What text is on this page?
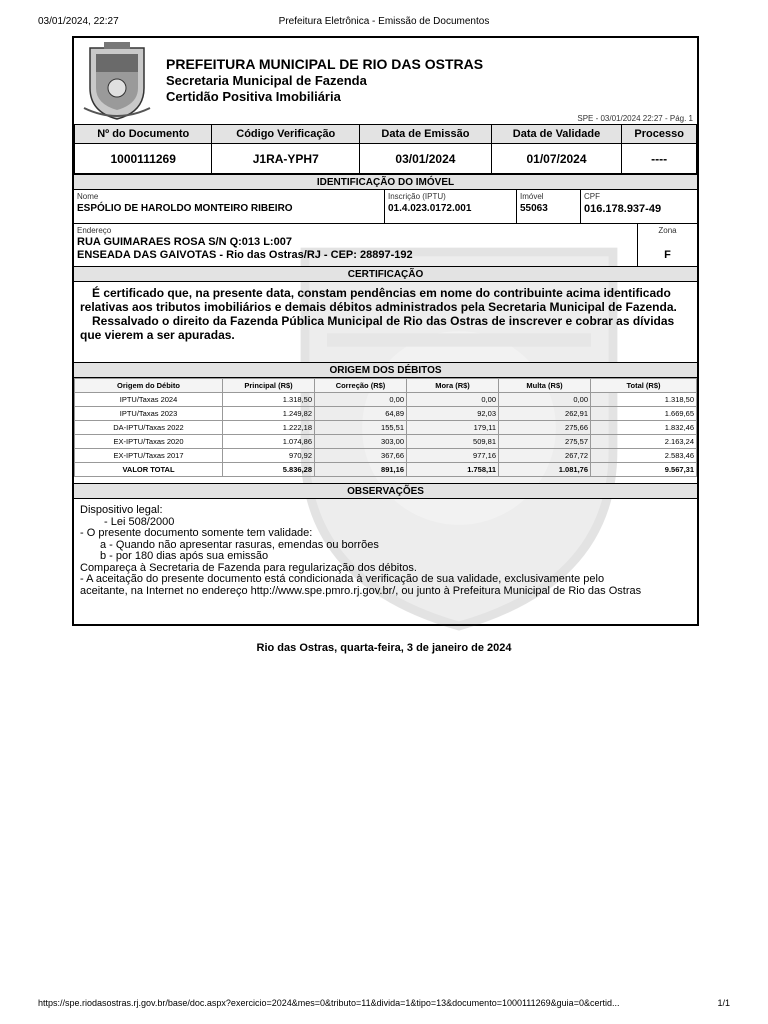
03/01/2024, 22:27	Prefeitura Eletrônica - Emissão de Documentos
PREFEITURA MUNICIPAL DE RIO DAS OSTRAS
Secretaria Municipal de Fazenda
Certidão Positiva Imobiliária
SPE - 03/01/2024 22:27 - Pág. 1
Nº do Documento	Código Verificação	Data de Emissão	Data de Validade	Processo
1000111269	J1RA-YPH7	03/01/2024	01/07/2024	----
IDENTIFICAÇÃO DO IMÓVEL
Nome
ESPÓLIO DE HAROLDO MONTEIRO RIBEIRO
Inscrição (IPTU)
01.4.023.0172.001
Imóvel
55063
CPF
016.178.937-49
Endereço
RUA GUIMARAES ROSA S/N Q:013 L:007
ENSEADA DAS GAIVOTAS - Rio das Ostras/RJ - CEP: 28897-192
Zona
F
CERTIFICAÇÃO

É certificado que, na presente data, constam pendências em nome do contribuinte acima identificado relativas aos tributos imobiliários e demais débitos administrados pela Secretaria Municipal de Fazenda.

Ressalvado o direito da Fazenda Pública Municipal de Rio das Ostras de inscrever e cobrar as dívidas que vierem a ser apuradas.

ORIGEM DOS DÉBITOS
Origem do Débito	Principal (R$)	Correção (R$)	Mora (R$)	Multa (R$)	Total (R$)
IPTU/Taxas 2024	1.318,50	0,00	0,00	0,00	1.318,50
IPTU/Taxas 2023	1.249,82	64,89	92,03	262,91	1.669,65
DA-IPTU/Taxas 2022	1.222,18	155,51	179,11	275,66	1.832,46
EX-IPTU/Taxas 2020	1.074,86	303,00	509,81	275,57	2.163,24
EX-IPTU/Taxas 2017	970,92	367,66	977,16	267,72	2.583,46
VALOR TOTAL	5.836,28	891,16	1.758,11	1.081,76	9.567,31
OBSERVAÇÕES
Dispositivo legal:
- Lei 508/2000
- O presente documento somente tem validade:
a - Quando não apresentar rasuras, emendas ou borrões
b - por 180 dias após sua emissão
Compareça à Secretaria de Fazenda para regularização dos débitos.
- A aceitação do presente documento está condicionada à verificação de sua validade, exclusivamente pelo
aceitante, na Internet no endereço http://www.spe.pmro.rj.gov.br/, ou junto à Prefeitura Municipal de Rio das Ostras
Rio das Ostras, quarta-feira, 3 de janeiro de 2024
https://spe.riodasostras.rj.gov.br/base/doc.aspx?exercicio=2024&mes=0&tributo=11&divida=1&tipo=13&documento=1000111269&guia=0&certid...	1/1
